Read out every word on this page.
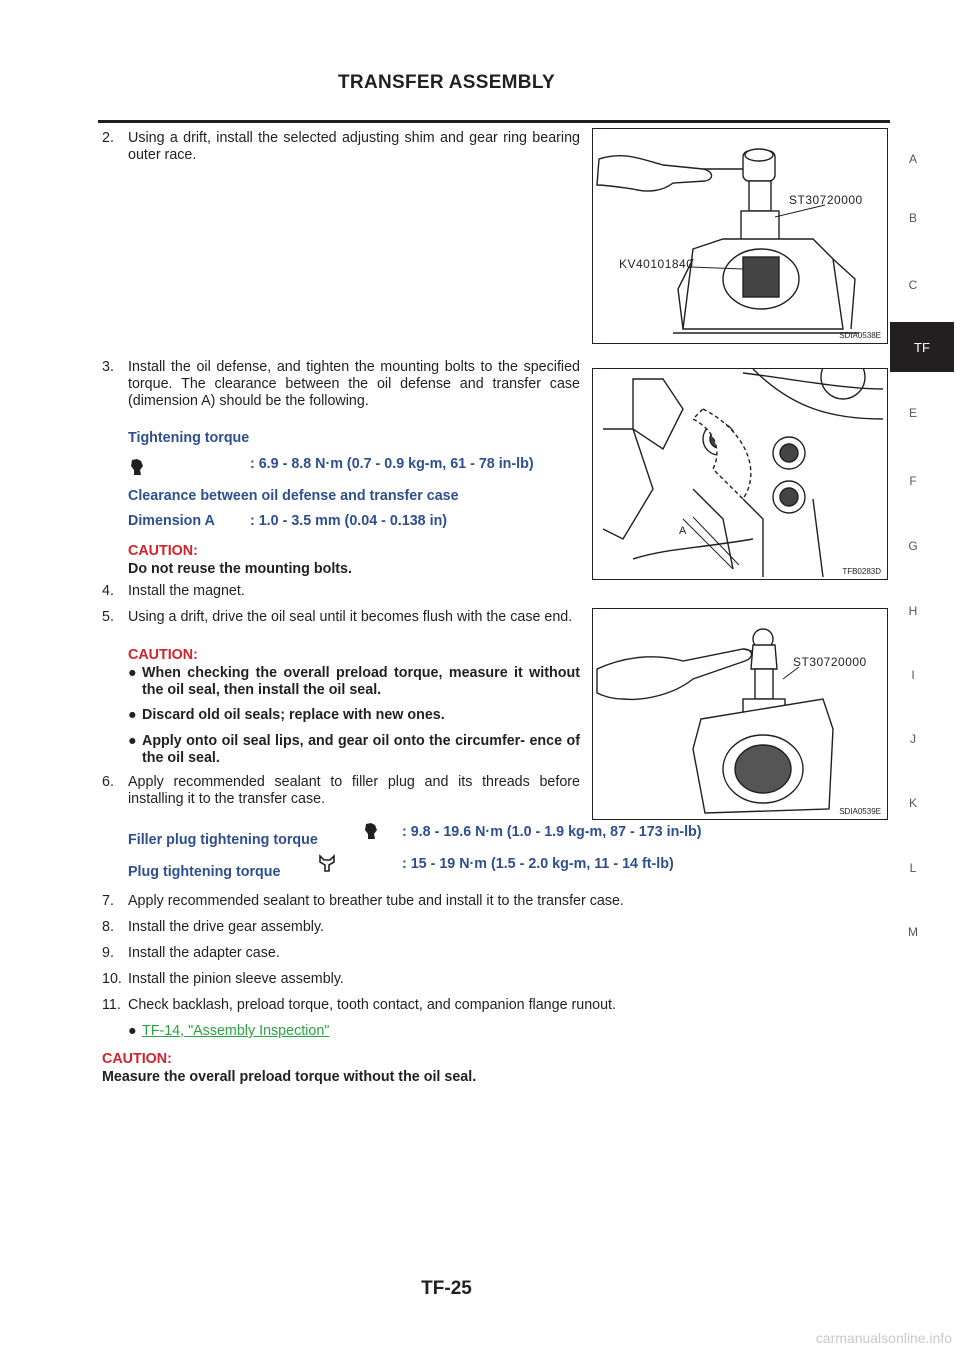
TRANSFER ASSEMBLY
A
B
C
TF
E
F
G
H
I
J
K
L
M
2. Using a drift, install the selected adjusting shim and gear ring bearing outer race.
ST30720000
KV40101840
SDIA0538E
3. Install the oil defense, and tighten the mounting bolts to the specified torque. The clearance between the oil defense and transfer case (dimension A) should be the following.
Tightening torque
: 6.9 - 8.8 N·m (0.7 - 0.9 kg-m, 61 - 78 in-lb)
Clearance between oil defense and transfer case
Dimension A : 1.0 - 3.5 mm (0.04 - 0.138 in)
CAUTION:
Do not reuse the mounting bolts.
A
TFB0283D
4. Install the magnet.
5. Using a drift, drive the oil seal until it becomes flush with the case end.
CAUTION:
● When checking the overall preload torque, measure it without the oil seal, then install the oil seal.
● Discard old oil seals; replace with new ones.
● Apply onto oil seal lips, and gear oil onto the circumfer- ence of the oil seal.
ST30720000
SDIA0539E
6. Apply recommended sealant to filler plug and its threads before installing it to the transfer case.
Filler plug tightening torque	: 9.8 - 19.6 N·m (1.0 - 1.9 kg-m, 87 - 173 in-lb)
Plug tightening torque	: 15 - 19 N·m (1.5 - 2.0 kg-m, 11 - 14 ft-lb)
7. Apply recommended sealant to breather tube and install it to the transfer case.
8. Install the drive gear assembly.
9. Install the adapter case.
10. Install the pinion sleeve assembly.
11. Check backlash, preload torque, tooth contact, and companion flange runout.
● TF-14, "Assembly Inspection"
CAUTION:
Measure the overall preload torque without the oil seal.
TF-25
carmanualsonline.info
